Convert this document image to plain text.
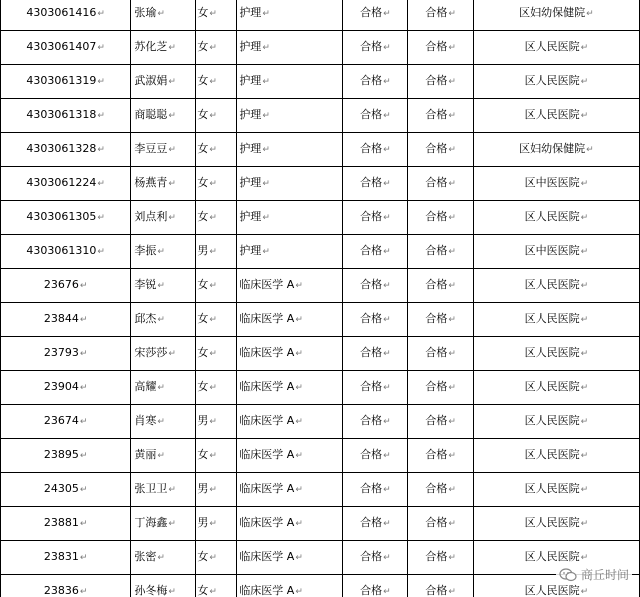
4303061416↵	张瑜↵	女↵	护理↵	合格↵	合格↵	区妇幼保健院↵
4303061407↵	苏化芝↵	女↵	护理↵	合格↵	合格↵	区人民医院↵
4303061319↵	武淑娟↵	女↵	护理↵	合格↵	合格↵	区人民医院↵
4303061318↵	商聪聪↵	女↵	护理↵	合格↵	合格↵	区人民医院↵
4303061328↵	李豆豆↵	女↵	护理↵	合格↵	合格↵	区妇幼保健院↵
4303061224↵	杨燕青↵	女↵	护理↵	合格↵	合格↵	区中医医院↵
4303061305↵	刘点利↵	女↵	护理↵	合格↵	合格↵	区人民医院↵
4303061310↵	李振↵	男↵	护理↵	合格↵	合格↵	区中医医院↵
23676↵	李锐↵	女↵	临床医学 A↵	合格↵	合格↵	区人民医院↵
23844↵	邱杰↵	女↵	临床医学 A↵	合格↵	合格↵	区人民医院↵
23793↵	宋莎莎↵	女↵	临床医学 A↵	合格↵	合格↵	区人民医院↵
23904↵	高耀↵	女↵	临床医学 A↵	合格↵	合格↵	区人民医院↵
23674↵	肖寒↵	男↵	临床医学 A↵	合格↵	合格↵	区人民医院↵
23895↵	黄丽↵	女↵	临床医学 A↵	合格↵	合格↵	区人民医院↵
24305↵	张卫卫↵	男↵	临床医学 A↵	合格↵	合格↵	区人民医院↵
23881↵	丁海鑫↵	男↵	临床医学 A↵	合格↵	合格↵	区人民医院↵
23831↵	张密↵	女↵	临床医学 A↵	合格↵	合格↵	区人民医院↵
23836↵	孙冬梅↵	女↵	临床医学 A↵	合格↵	合格↵	区人民医院↵
商丘时间
